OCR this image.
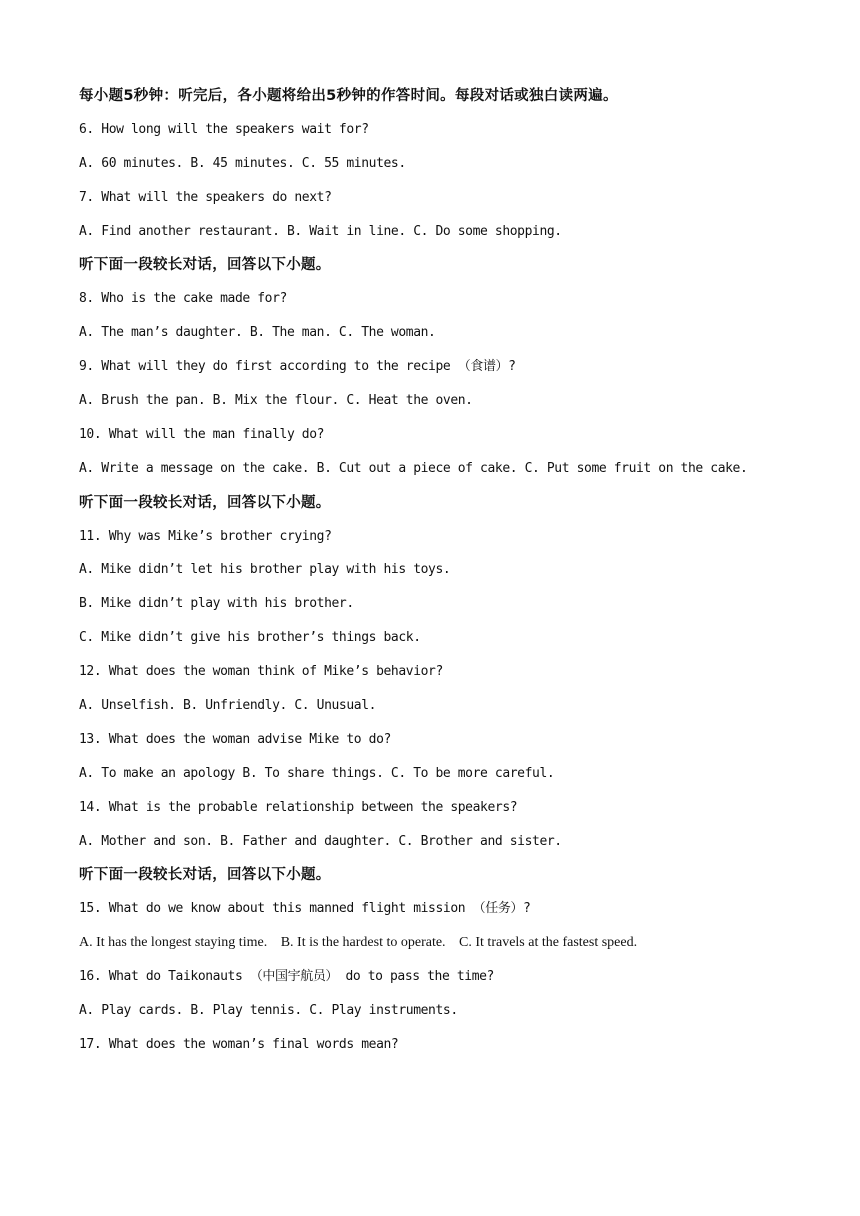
每小题5秒钟：听完后，各小题将给出5秒钟的作答时间。每段对话或独白读两遍。
6. How long will the speakers wait for?
A. 60 minutes. B. 45 minutes. C. 55 minutes.
7. What will the speakers do next?
A. Find another restaurant. B. Wait in line. C. Do some shopping.
听下面一段较长对话，回答以下小题。
8. Who is the cake made for?
A. The man’s daughter. B. The man. C. The woman.
9. What will they do first according to the recipe （食谱）?
A. Brush the pan. B. Mix the flour. C. Heat the oven.
10. What will the man finally do?
A. Write a message on the cake. B. Cut out a piece of cake. C. Put some fruit on the cake.
听下面一段较长对话，回答以下小题。
11. Why was Mike’s brother crying?
A. Mike didn’t let his brother play with his toys.
B. Mike didn’t play with his brother.
C. Mike didn’t give his brother’s things back.
12. What does the woman think of Mike’s behavior?
A. Unselfish. B. Unfriendly. C. Unusual.
13. What does the woman advise Mike to do?
A. To make an apology B. To share things. C. To be more careful.
14. What is the probable relationship between the speakers?
A. Mother and son. B. Father and daughter. C. Brother and sister.
听下面一段较长对话，回答以下小题。
15. What do we know about this manned flight mission （任务）?
A. It has the longest staying time. B. It is the hardest to operate. C. It travels at the fastest speed.
16. What do Taikonauts （中国宇航员） do to pass the time?
A. Play cards. B. Play tennis. C. Play instruments.
17. What does the woman’s final words mean?
